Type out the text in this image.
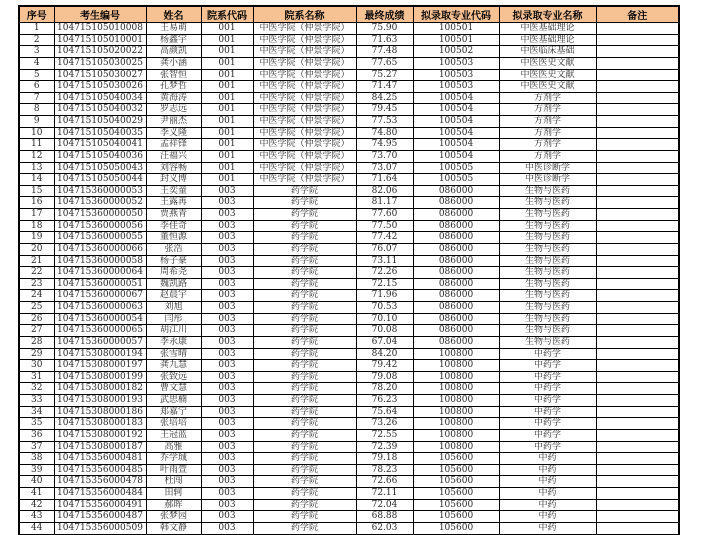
序号	考生编号	姓名	院系代码	院系名称	最终成绩	拟录取专业代码	拟录取专业名称	备注
1	104715105010008	王易萌	001	中医学院（仲景学院）	75.90	100501	中医基础理论	
2	104715105010001	杨鑫宇	001	中医学院（仲景学院）	71.63	100501	中医基础理论	
3	104715105020022	高颜凯	001	中医学院（仲景学院）	77.48	100502	中医临床基础	
4	104715105030025	龚小涵	001	中医学院（仲景学院）	77.65	100503	中医医史文献	
5	104715105030027	张智恒	001	中医学院（仲景学院）	75.27	100503	中医医史文献	
6	104715105030026	孔梦哲	001	中医学院（仲景学院）	71.47	100503	中医医史文献	
7	104715105040034	黄海涛	001	中医学院（仲景学院）	84.25	100504	方剂学	
8	104715105040032	罗志远	001	中医学院（仲景学院）	79.45	100504	方剂学	
9	104715105040029	尹丽杰	001	中医学院（仲景学院）	77.53	100504	方剂学	
10	104715105040035	李义隆	001	中医学院（仲景学院）	74.80	100504	方剂学	
11	104715105040041	孟祥锋	001	中医学院（仲景学院）	74.95	100504	方剂学	
12	104715105040036	汪福兴	001	中医学院（仲景学院）	73.70	100504	方剂学	
13	104715105050043	刘容畅	001	中医学院（仲景学院）	73.07	100505	中医诊断学	
14	104715105050044	封义博	001	中医学院（仲景学院）	71.64	100505	中医诊断学	
15	104715360000053	王奕童	003	药学院	82.06	086000	生物与医药	
16	104715360000052	王露苒	003	药学院	81.17	086000	生物与医药	
17	104715360000050	贾燕青	003	药学院	77.60	086000	生物与医药	
18	104715360000056	李佳奇	003	药学院	77.50	086000	生物与医药	
19	104715360000055	董恒源	003	药学院	77.42	086000	生物与医药	
20	104715360000066	张浩	003	药学院	76.07	086000	生物与医药	
21	104715360000058	杨子豪	003	药学院	73.11	086000	生物与医药	
22	104715360000064	周希尧	003	药学院	72.26	086000	生物与医药	
23	104715360000051	魏凯路	003	药学院	72.15	086000	生物与医药	
24	104715360000067	赵晨宇	003	药学院	71.96	086000	生物与医药	
25	104715360000063	刘旭	003	药学院	70.53	086000	生物与医药	
26	104715360000054	闫彤	003	药学院	70.10	086000	生物与医药	
27	104715360000065	胡江川	003	药学院	70.08	086000	生物与医药	
28	104715360000057	李永康	003	药学院	67.04	086000	生物与医药	
29	104715308000194	张雪晴	003	药学院	84.20	100800	中药学	
30	104715308000197	龚九慧	003	药学院	79.42	100800	中药学	
31	104715308000199	张致远	003	药学院	79.08	100800	中药学	
32	104715308000182	曹文慧	003	药学院	78.20	100800	中药学	
33	104715308000193	武思楠	003	药学院	76.23	100800	中药学	
34	104715308000186	郑嘉宁	003	药学院	75.64	100800	中药学	
35	104715308000183	张培培	003	药学院	73.26	100800	中药学	
36	104715308000192	王冠蓝	003	药学院	72.55	100800	中药学	
37	104715308000187	高雅	003	药学院	72.39	100800	中药学	
38	104715356000481	乔学珹	003	药学院	79.18	105600	中药	
39	104715356000485	叶雨萱	003	药学院	78.23	105600	中药	
40	104715356000478	杜闯	003	药学院	72.66	105600	中药	
41	104715356000484	田轲	003	药学院	72.11	105600	中药	
42	104715356000491	郝晖	003	药学院	72.04	105600	中药	
43	104715356000487	张梦园	003	药学院	68.88	105600	中药	
44	104715356000509	韩文静	003	药学院	62.03	105600	中药	
